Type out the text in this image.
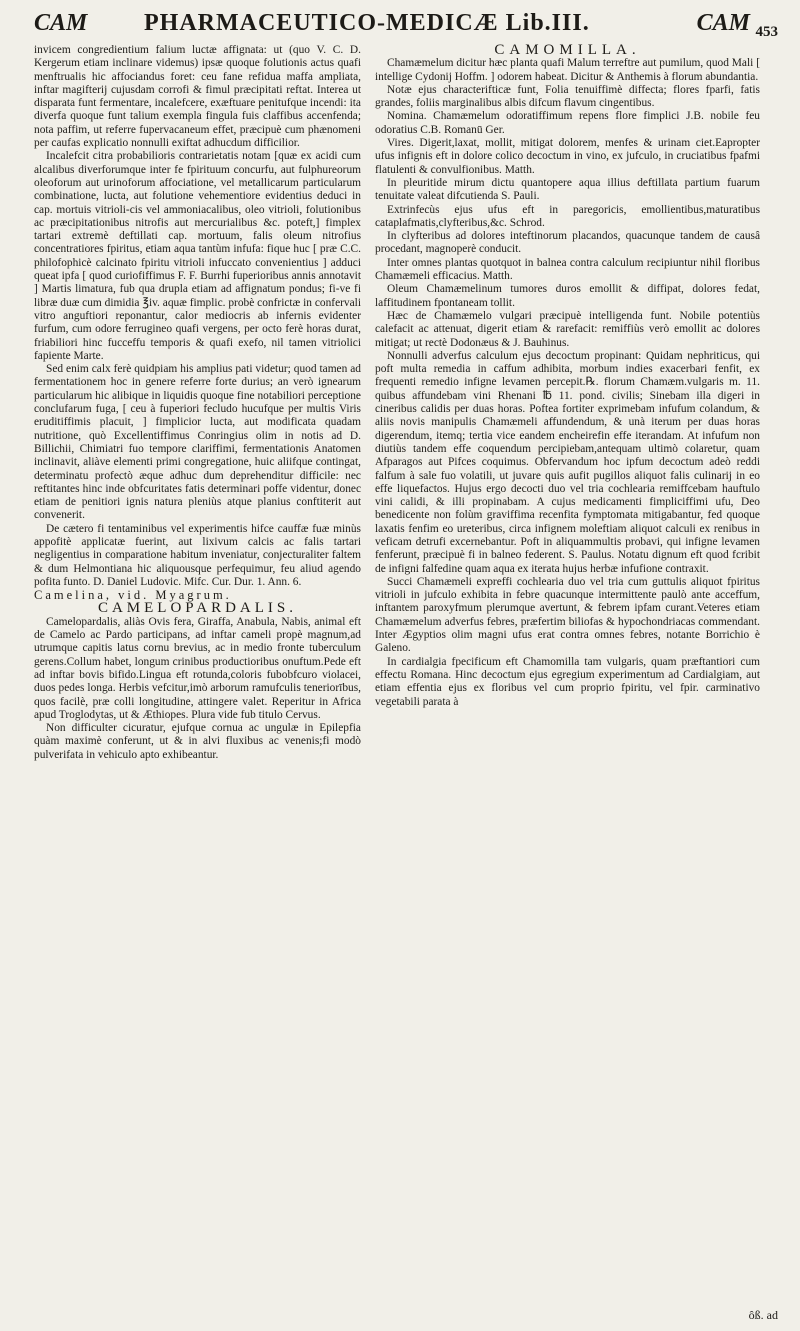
CAM PHARMACEUTICO-MEDICÆ Lib.III.	CAM 453

invicem congredientium falium luctæ affignata: ut (quo V. C. D. Kergerum etiam inclinare videmus) ipsæ quoque folutionis actus quafi menftrualis hic affociandus foret: ceu fane refidua maffa ampliata, inftar magifterij cujusdam corrofi & fimul præcipitati reftat. Interea ut disparata funt fermentare, incalefcere, exæftuare penitufque incendi: ita diverfa quoque funt talium exempla fingula fuis claffibus accenfenda; nota paffim, ut referre fupervacaneum effet, præcipuè cum phænomeni per caufas explicatio nonnulli exiftat adhucdum difficilior.

Incalefcit citra probabilioris contrarietatis notam [quæ ex acidi cum alcalibus diverforumque inter fe fpirituum concurfu, aut fulphureorum oleoforum aut urinoforum affociatione, vel metallicarum particularum combinatione, lucta, aut folutione vehementiore evidentius deduci in cap. mortuis vitrioli-cis vel ammoniacalibus, oleo vitrioli, folutionibus ac præcipitationibus nitrofis aut mercurialibus &c. poteft,] fimplex tartari extremè deftillati cap. mortuum, falis oleum nitrofius concentratiores fpiritus, etiam aqua tantùm infufa: fique huc [ præ C.C. philofophicè calcinato fpiritu vitrioli infuccato convenientius ] adduci queat ipfa [ quod curiofiffimus F. F. Burrhi fuperioribus annis annotavit ] Martis limatura, fub qua drupla etiam ad affignatum pondus; fi-ve fi libræ duæ cum dimidia ℥iv. aquæ fimplic. probè confrictæ in confervali vitro anguftiori reponantur, calor mediocris ab infernis evidenter furfum, cum odore ferrugineo quafi vergens, per octo ferè horas durat, friabiliori hinc fucceffu temporis & quafi exefo, nil tamen vitriolici fapiente Marte.

Sed enim calx ferè quidpiam his amplius pati videtur; quod tamen ad fermentationem hoc in genere referre forte durius; an verò ignearum particularum hic alibique in liquidis quoque fine notabiliori perceptione conclufarum fuga, [ ceu à fuperiori fecludo hucufque per multis Viris eruditiffimis placuit, ] fimplicior lucta, aut modificata quadam nutritione, quò Excellentiffimus Conringius olim in notis ad D. Billichii, Chimiatri fuo tempore clariffimi, fermentationis Anatomen inclinavit, aliàve elementi primi congregatione, huic aliifque contingat, determinatu profectò æque adhuc dum deprehenditur difficile: nec reftitantes hinc inde obfcuritates fatis determinari poffe videntur, donec etiam de penitiori ignis natura pleniùs atque planius conftiterit aut convenerit.

De cætero fi tentaminibus vel experimentis hifce cauffæ fuæ minùs appofitè applicatæ fuerint, aut lixivum calcis ac falis tartari negligentius in comparatione habitum inveniatur, conjecturaliter faltem & dum Helmontiana hic aliquousque perfequimur, feu aliud agendo pofita funto. D. Daniel Ludovic. Mifc. Cur. Dur. 1. Ann. 6.

Camelina, vid. Myagrum.

CAMELOPARDALIS.

Camelopardalis, aliàs Ovis fera, Giraffa, Anabula, Nabis, animal eft de Camelo ac Pardo participans, ad inftar cameli propè magnum,ad utrumque capitis latus cornu brevius, ac in medio fronte tuberculum gerens.Collum habet, longum crinibus productioribus onuftum.Pede eft ad inftar bovis bifido.Lingua eft rotunda,coloris fubobfcuro violacei, duos pedes longa. Herbis vefcitur,imò arborum ramufculis teneriorībus, quos facilè, præ colli longitudine, attingere valet. Reperitur in Africa apud Troglodytas, ut & Æthiopes. Plura vide fub titulo Cervus.

Non difficulter cicuratur, ejufque cornua ac ungulæ in Epilepfia quàm maximè conferunt, ut & in alvi fluxibus ac venenis;fi modò pulverifata in vehiculo apto exhibeantur.

CAMOMILLA.

Chamæmelum dicitur hæc planta quafi Malum terreftre aut pumilum, quod Mali [ intellige Cydonij Hoffm. ] odorem habeat. Dicitur & Anthemis à florum abundantia.

Notæ ejus characterifticæ funt, Folia tenuiffimè diffecta; flores fparfi, fatis grandes, foliis marginalibus albis difcum flavum cingentibus.

Nomina. Chamæmelum odoratiffimum repens flore fimplici J.B. nobile feu odoratius C.B. Romanū Ger.

Vires. Digerit,laxat, mollit, mitigat dolorem, menfes & urinam ciet.Eapropter ufus infignis eft in dolore colico decoctum in vino, ex jufculo, in cruciatibus fpafmi flatulenti & convulfionibus. Matth.

In pleuritide mirum dictu quantopere aqua illius deftillata partium fuarum tenuitate valeat difcutienda S. Pauli.

Extrinfecùs ejus ufus eft in paregoricis, emollientibus,maturatibus cataplafmatis,clyfteribus,&c. Schrod.

In clyfteribus ad dolores inteftinorum placandos, quacunque tandem de causâ procedant, magnoperè conducit.

Inter omnes plantas quotquot in balnea contra calculum recipiuntur nihil floribus Chamæmeli efficacius. Matth.

Oleum Chamæmelinum tumores duros emollit & diffipat, dolores fedat, laffitudinem fpontaneam tollit.

Hæc de Chamæmelo vulgari præcipuè intelligenda funt. Nobile potentiùs calefacit ac attenuat, digerit etiam & rarefacit: remiffiùs verò emollit ac dolores mitigat; ut rectè Dodonæus & J. Bauhinus.

Nonnulli adverfus calculum ejus decoctum propinant: Quidam nephriticus, qui poft multa remedia in caffum adhibita, morbum indies exacerbari fenfit, ex frequenti remedio infigne levamen percepit.℞. florum Chamæm.vulgaris m. 11. quibus affundebam vini Rhenani ℔ 11. pond. civilis; Sinebam illa digeri in cineribus calidis per duas horas. Poftea fortiter exprimebam infufum colandum, & aliis novis manipulis Chamæmeli affundendum, & unà iterum per duas horas digerendum, itemq; tertia vice eandem encheirefin effe iterandam. At infufum non diutiùs tandem effe coquendum percipiebam,antequam ultimò colaretur, quam Afparagos aut Pifces coquimus. Obfervandum hoc ipfum decoctum adeò reddi falfum à sale fuo volatili, ut juvare quis aufit pugillos aliquot falis culinarij in eo effe liquefactos. Hujus ergo decocti duo vel tria cochlearia remiffcebam hauftulo vini calidi, & illi propinabam. A cujus medicamenti fimpliciffimi ufu, Deo benedicente non folùm graviffima recenfita fymptomata mitigabantur, fed quoque laxatis fenfim eo ureteribus, circa infignem moleftiam aliquot calculi ex renibus in veficam detrufi excernebantur. Poft in aliquammultis probavi, qui infigne levamen fenferunt, præcipuè fi in balneo federent. S. Paulus. Notatu dignum eft quod fcribit de infigni falfedine quam aqua ex iterata hujus herbæ infufione contraxit.

Succi Chamæmeli expreffi cochlearia duo vel tria cum guttulis aliquot fpiritus vitrioli in jufculo exhibita in febre quacunque intermittente paulò ante acceffum, inftantem paroxyfmum plerumque avertunt, & febrem ipfam curant.Veteres etiam Chamæmelum adverfus febres, præfertim biliofas & hypochondriacas commendant. Inter Ægyptios olim magni ufus erat contra omnes febres, notante Borrichio è Galeno.

In cardialgia fpecificum eft Chamomilla tam vulgaris, quam præftantiori cum effectu Romana. Hinc decoctum ejus egregium experimentum ad Cardialgiam, aut etiam effentia ejus ex floribus vel cum proprio fpiritu, vel fpir. carminativo vegetabili parata à

ôß. ad
